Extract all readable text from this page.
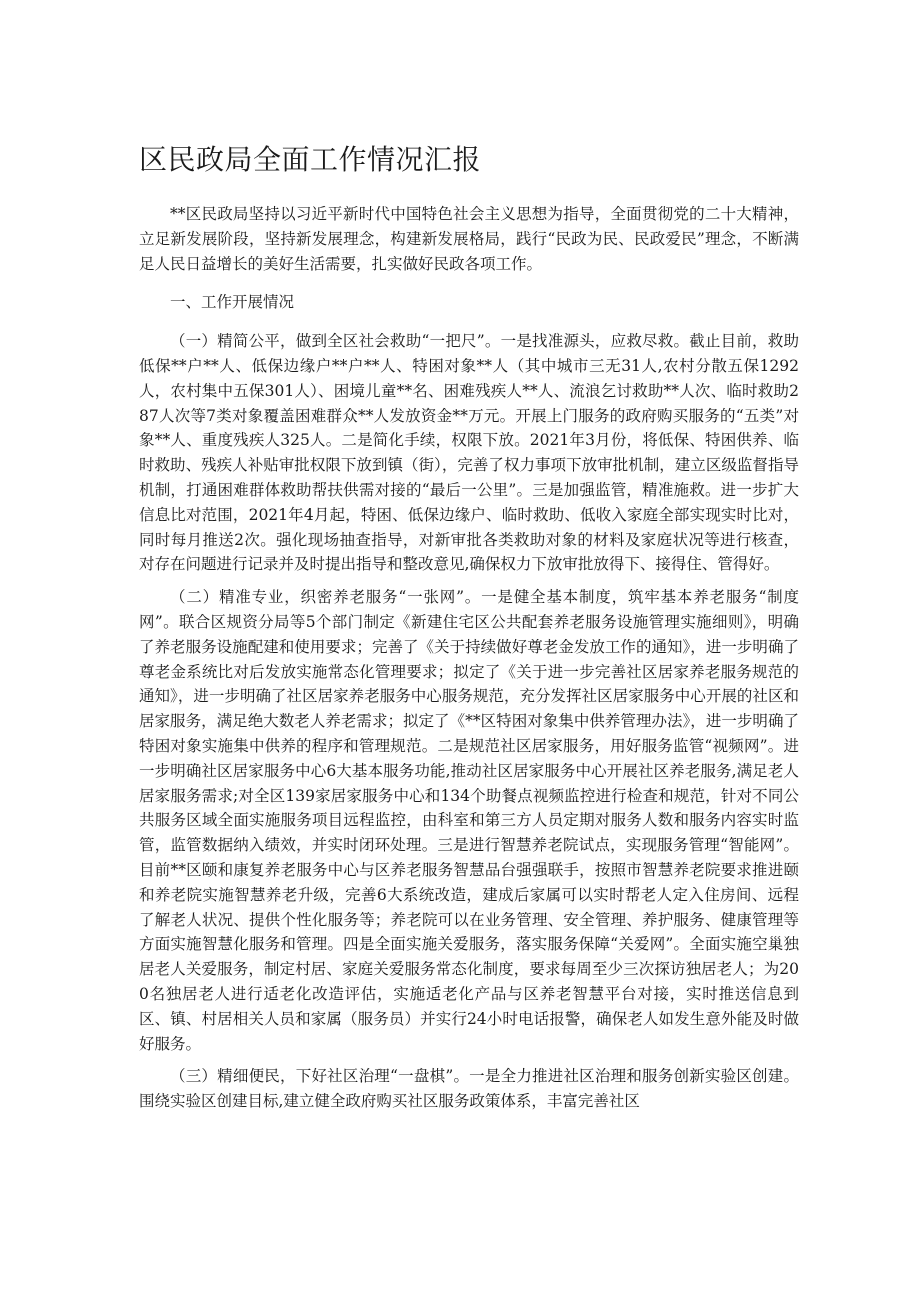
区民政局全面工作情况汇报

**区民政局坚持以习近平新时代中国特色社会主义思想为指导，全面贯彻党的二十大精神，立足新发展阶段，坚持新发展理念，构建新发展格局，践行“民政为民、民政爱民”理念，不断满足人民日益增长的美好生活需要，扎实做好民政各项工作。

一、工作开展情况

（一）精简公平，做到全区社会救助“一把尺”。一是找准源头，应救尽救。截止目前，救助低保**户**人、低保边缘户**户**人、特困对象**人（其中城市三无31人,农村分散五保1292人，农村集中五保301人）、困境儿童**名、困难残疾人**人、流浪乞讨救助**人次、临时救助287人次等7类对象覆盖困难群众**人发放资金**万元。开展上门服务的政府购买服务的“五类”对象**人、重度残疾人325人。二是简化手续，权限下放。2021年3月份，将低保、特困供养、临时救助、残疾人补贴审批权限下放到镇（街），完善了权力事项下放审批机制，建立区级监督指导机制，打通困难群体救助帮扶供需对接的“最后一公里”。三是加强监管，精准施救。进一步扩大信息比对范围，2021年4月起，特困、低保边缘户、临时救助、低收入家庭全部实现实时比对，同时每月推送2次。强化现场抽查指导，对新审批各类救助对象的材料及家庭状况等进行核查，对存在问题进行记录并及时提出指导和整改意见,确保权力下放审批放得下、接得住、管得好。

（二）精准专业，织密养老服务“一张网”。一是健全基本制度，筑牢基本养老服务“制度网”。联合区规资分局等5个部门制定《新建住宅区公共配套养老服务设施管理实施细则》，明确了养老服务设施配建和使用要求；完善了《关于持续做好尊老金发放工作的通知》，进一步明确了尊老金系统比对后发放实施常态化管理要求；拟定了《关于进一步完善社区居家养老服务规范的通知》，进一步明确了社区居家养老服务中心服务规范，充分发挥社区居家服务中心开展的社区和居家服务，满足绝大数老人养老需求；拟定了《**区特困对象集中供养管理办法》，进一步明确了特困对象实施集中供养的程序和管理规范。二是规范社区居家服务，用好服务监管“视频网”。进一步明确社区居家服务中心6大基本服务功能,推动社区居家服务中心开展社区养老服务,满足老人居家服务需求;对全区139家居家服务中心和134个助餐点视频监控进行检查和规范，针对不同公共服务区域全面实施服务项目远程监控，由科室和第三方人员定期对服务人数和服务内容实时监管，监管数据纳入绩效，并实时闭环处理。三是进行智慧养老院试点，实现服务管理“智能网”。目前**区颐和康复养老服务中心与区养老服务智慧品台强强联手，按照市智慧养老院要求推进颐和养老院实施智慧养老升级，完善6大系统改造，建成后家属可以实时帮老人定入住房间、远程了解老人状况、提供个性化服务等；养老院可以在业务管理、安全管理、养护服务、健康管理等方面实施智慧化服务和管理。四是全面实施关爱服务，落实服务保障“关爱网”。全面实施空巢独居老人关爱服务，制定村居、家庭关爱服务常态化制度，要求每周至少三次探访独居老人；为200名独居老人进行适老化改造评估，实施适老化产品与区养老智慧平台对接，实时推送信息到区、镇、村居相关人员和家属（服务员）并实行24小时电话报警，确保老人如发生意外能及时做好服务。

（三）精细便民，下好社区治理“一盘棋”。一是全力推进社区治理和服务创新实验区创建。围绕实验区创建目标,建立健全政府购买社区服务政策体系，丰富完善社区
